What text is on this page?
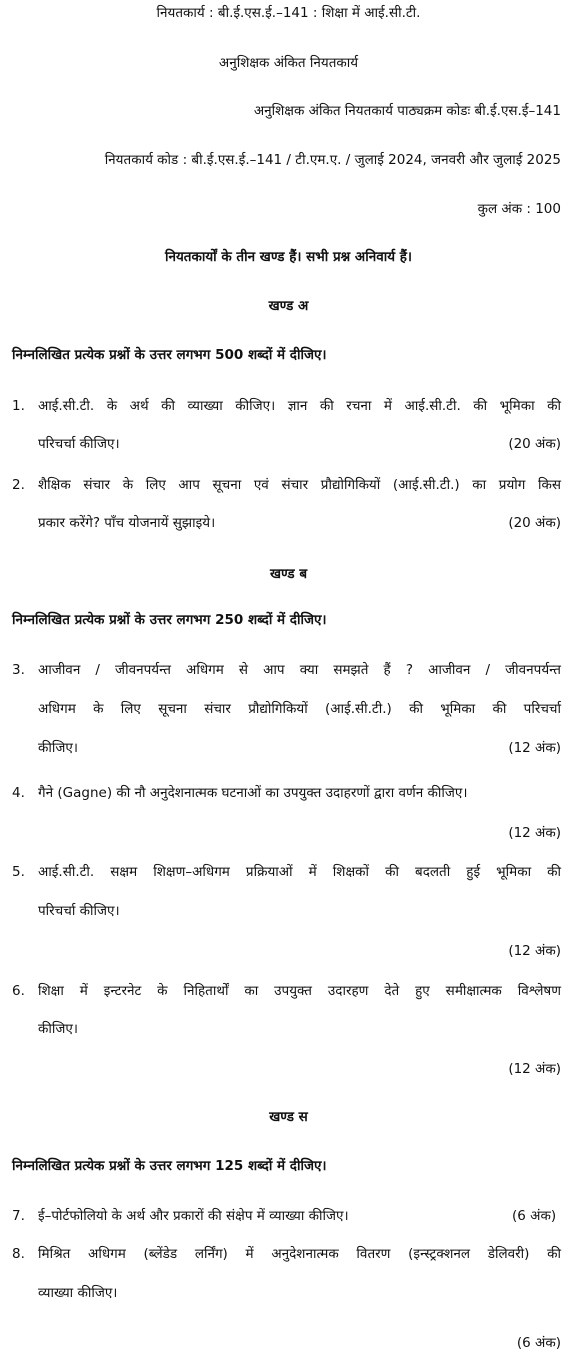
नियतकार्य : बी.ई.एस.ई.–141 : शिक्षा में आई.सी.टी.
अनुशिक्षक अंकित नियतकार्य
अनुशिक्षक अंकित नियतकार्य पाठ्यक्रम कोडः बी.ई.एस.ई–141
नियतकार्य कोड : बी.ई.एस.ई.–141 / टी.एम.ए. / जुलाई 2024, जनवरी और जुलाई 2025
कुल अंक : 100
नियतकार्यों के तीन खण्ड हैं। सभी प्रश्न अनिवार्य हैं।
खण्ड अ
निम्नलिखित प्रत्येक प्रश्नों के उत्तर लगभग 500 शब्दों में दीजिए।
1. आई.सी.टी. के अर्थ की व्याख्या कीजिए। ज्ञान की रचना में आई.सी.टी. की भूमिका की
परिचर्चा कीजिए।	(20 अंक)
2. शैक्षिक संचार के लिए आप सूचना एवं संचार प्रौद्योगिकियों (आई.सी.टी.) का प्रयोग किस
प्रकार करेंगे? पाँच योजनायें सुझाइये।	(20 अंक)
खण्ड ब
निम्नलिखित प्रत्येक प्रश्नों के उत्तर लगभग 250 शब्दों में दीजिए।
3. आजीवन / जीवनपर्यन्त अधिगम से आप क्या समझते हैं ? आजीवन / जीवनपर्यन्त
अधिगम के लिए सूचना संचार प्रौद्योगिकियों (आई.सी.टी.) की भूमिका की परिचर्चा
कीजिए।	(12 अंक)
4. गैने (Gagne) की नौ अनुदेशनात्मक घटनाओं का उपयुक्त उदाहरणों द्वारा वर्णन कीजिए।
(12 अंक)
5. आई.सी.टी. सक्षम शिक्षण–अधिगम प्रक्रियाओं में शिक्षकों की बदलती हुई भूमिका की
परिचर्चा कीजिए।
(12 अंक)
6. शिक्षा में इन्टरनेट के निहितार्थों का उपयुक्त उदारहण देते हुए समीक्षात्मक विश्लेषण
कीजिए।
(12 अंक)
खण्ड स
निम्नलिखित प्रत्येक प्रश्नों के उत्तर लगभग 125 शब्दों में दीजिए।
7. ई–पोर्टफोलियो के अर्थ और प्रकारों की संक्षेप में व्याख्या कीजिए।	(6 अंक)
8. मिश्रित अधिगम (ब्लेंडेड लर्निंग) में अनुदेशनात्मक वितरण (इन्स्ट्रक्शनल डेलिवरी) की
व्याख्या कीजिए।
(6 अंक)
